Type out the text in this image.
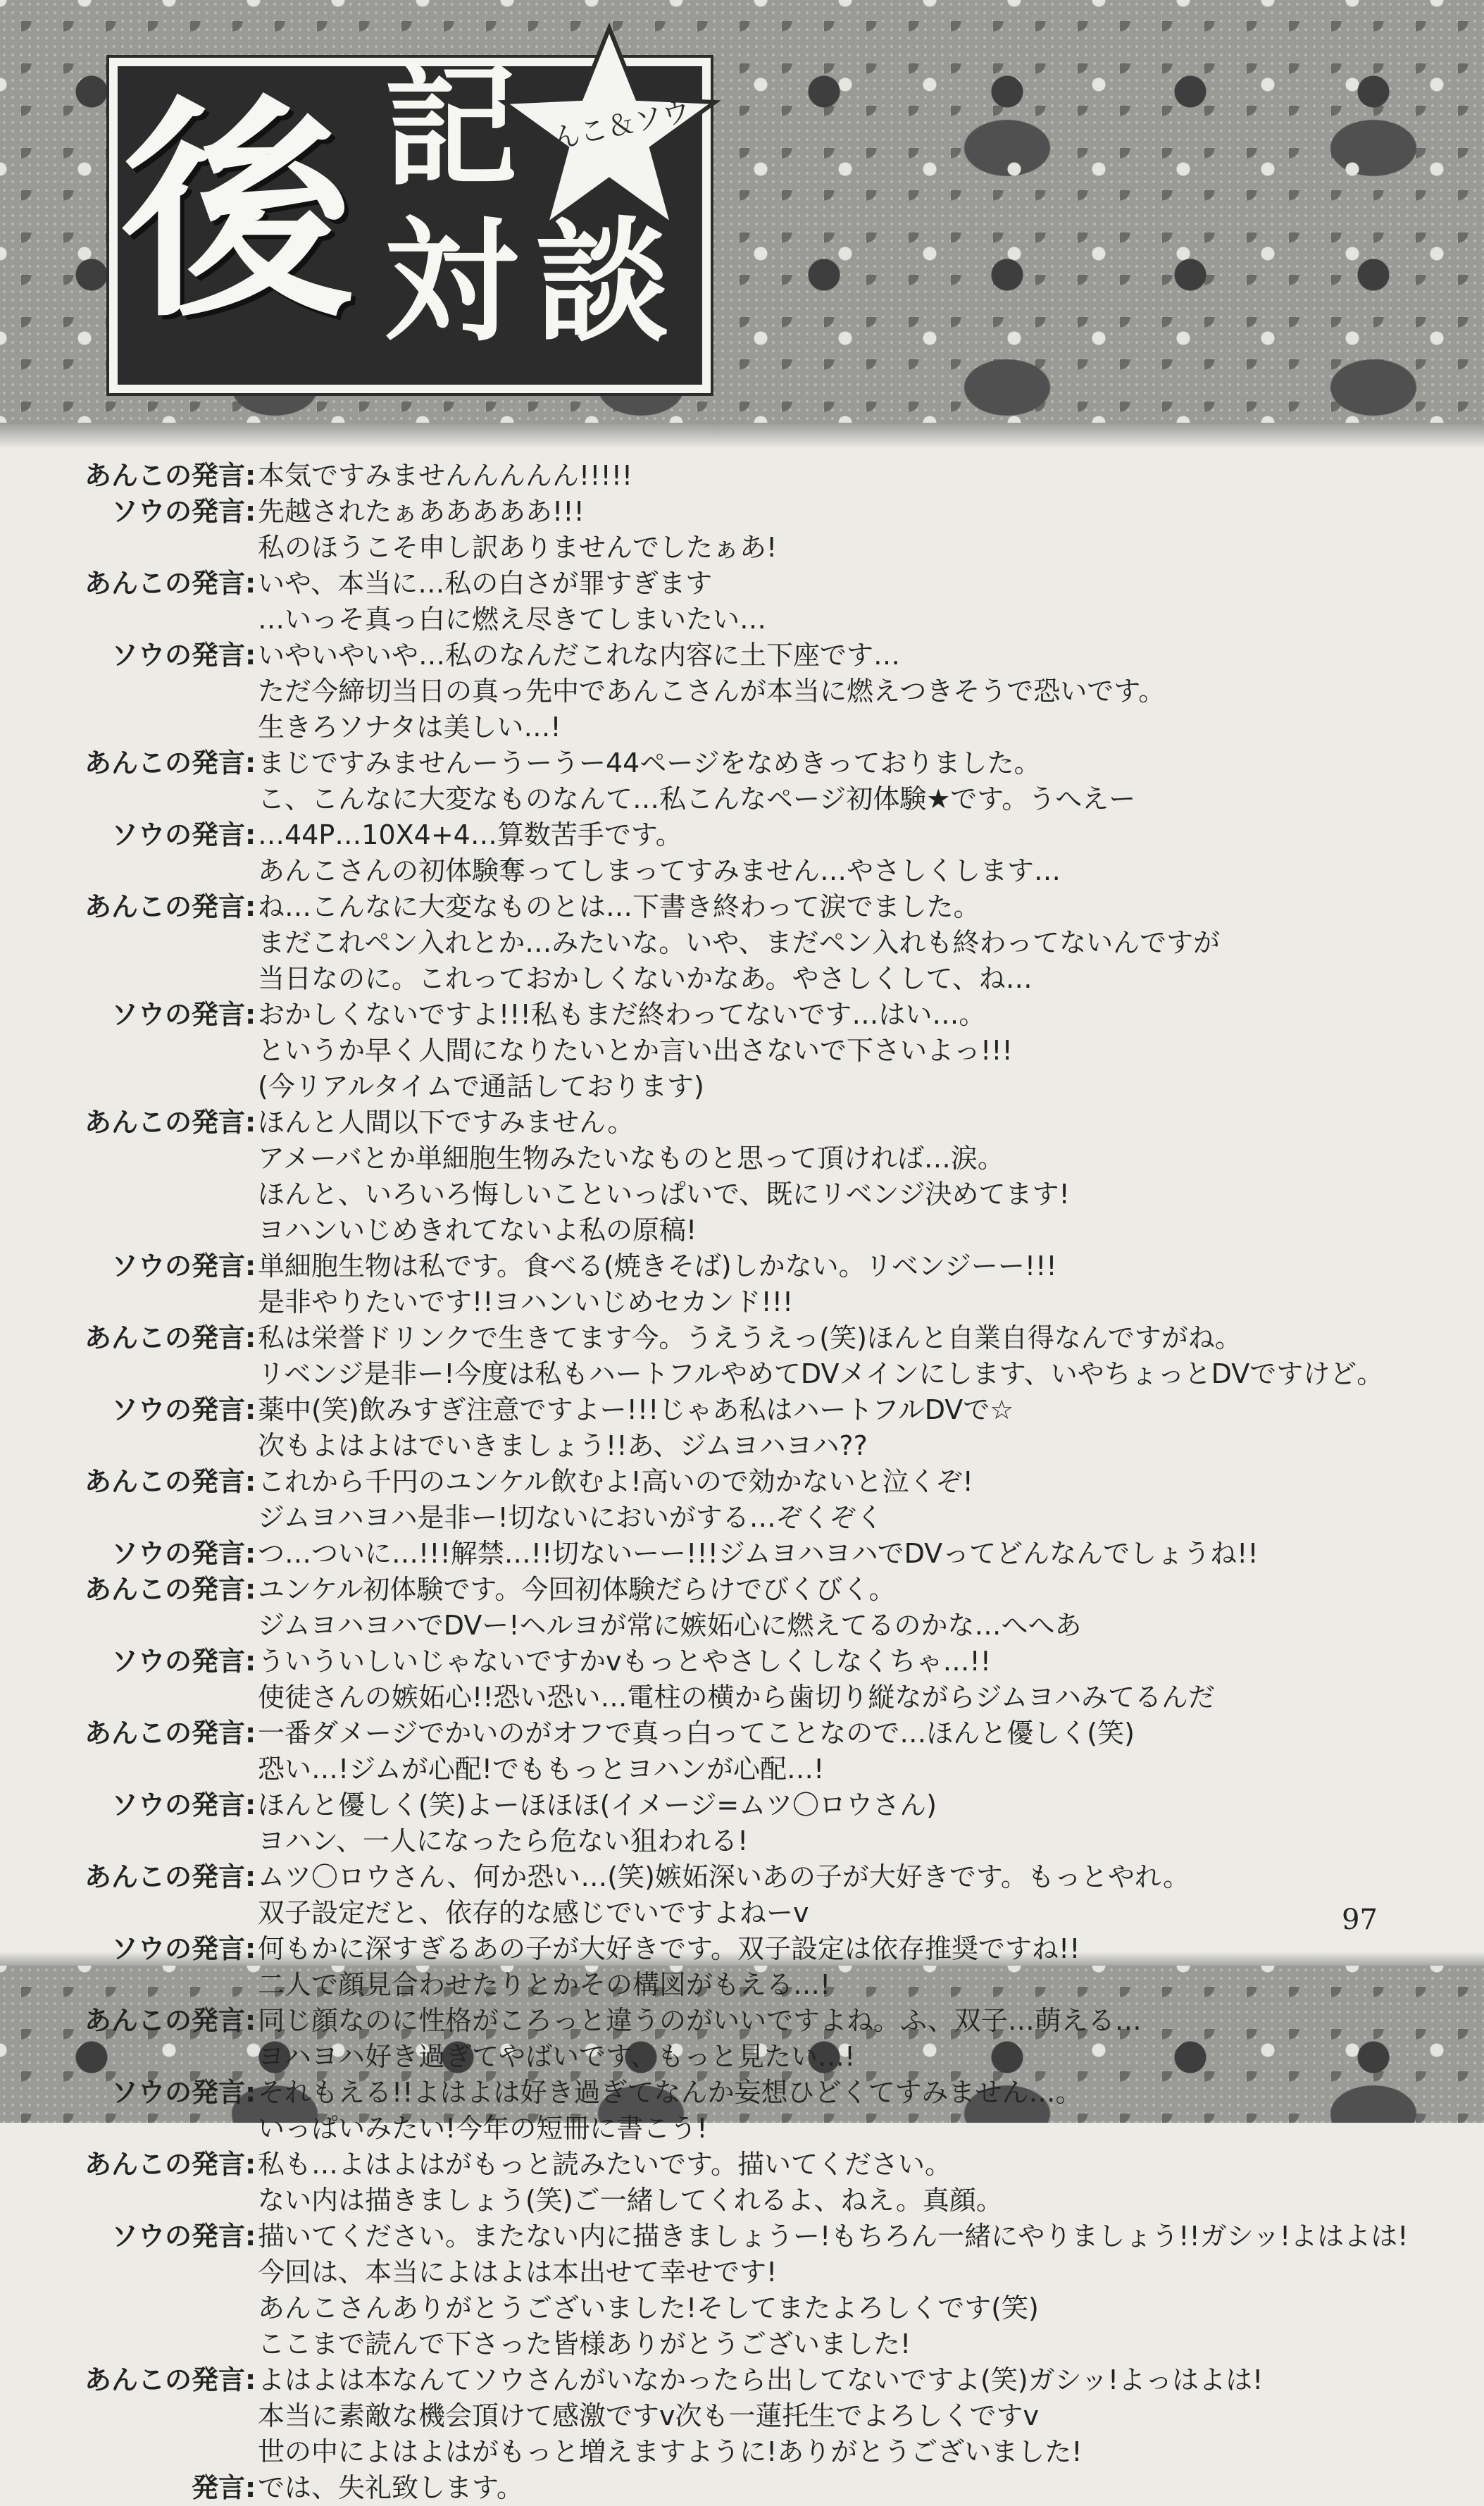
後 記
対 談
あんこ＆ソウ
あんこの発言 : 本気ですみませんんんんん!!!!!
ソウの発言 : 先越されたぁあああああ!!!
私のほうこそ申し訳ありませんでしたぁあ!
あんこの発言 : いや、本当に…私の白さが罪すぎます
…いっそ真っ白に燃え尽きてしまいたい…
ソウの発言 : いやいやいや…私のなんだこれな内容に土下座です…
ただ今締切当日の真っ先中であんこさんが本当に燃えつきそうで恐いです。
生きろソナタは美しい…!
あんこの発言 : まじですみませんーうーうー44ページをなめきっておりました。
こ、こんなに大変なものなんて…私こんなページ初体験★です。うへえー
ソウの発言 : …44P…10X4+4…算数苦手です。
あんこさんの初体験奪ってしまってすみません…やさしくします…
あんこの発言 : ね…こんなに大変なものとは…下書き終わって涙でました。
まだこれペン入れとか…みたいな。いや、まだペン入れも終わってないんですが
当日なのに。これっておかしくないかなあ。やさしくして、ね…
ソウの発言 : おかしくないですよ!!!私もまだ終わってないです…はい…。
というか早く人間になりたいとか言い出さないで下さいよっ!!!
(今リアルタイムで通話しております)
あんこの発言 : ほんと人間以下ですみません。
アメーバとか単細胞生物みたいなものと思って頂ければ…涙。
ほんと、いろいろ悔しいこといっぱいで、既にリベンジ決めてます!
ヨハンいじめきれてないよ私の原稿!
ソウの発言 : 単細胞生物は私です。食べる(焼きそば)しかない。リベンジーー!!!
是非やりたいです!!ヨハンいじめセカンド!!!
あんこの発言 : 私は栄誉ドリンクで生きてます今。うえうえっ(笑)ほんと自業自得なんですがね。
リベンジ是非ー!今度は私もハートフルやめてDVメインにします、いやちょっとDVですけど。
ソウの発言 : 薬中(笑)飲みすぎ注意ですよー!!!じゃあ私はハートフルDVで☆
次もよはよはでいきましょう!!あ、ジムヨハヨハ??
あんこの発言 : これから千円のユンケル飲むよ!高いので効かないと泣くぞ!
ジムヨハヨハ是非ー!切ないにおいがする…ぞくぞく
ソウの発言 : つ…ついに…!!!解禁…!!切ないーー!!!ジムヨハヨハでDVってどんなんでしょうね!!
あんこの発言 : ユンケル初体験です。今回初体験だらけでびくびく。
ジムヨハヨハでDVー!ヘルヨが常に嫉妬心に燃えてるのかな…へへあ
ソウの発言 : ういういしいじゃないですかvもっとやさしくしなくちゃ…!!
使徒さんの嫉妬心!!恐い恐い…電柱の横から歯切り縦ながらジムヨハみてるんだ
あんこの発言 : 一番ダメージでかいのがオフで真っ白ってことなので…ほんと優しく(笑)
恐い…!ジムが心配!でももっとヨハンが心配…!
ソウの発言 : ほんと優しく(笑)よーほほほ(イメージ=ムツ〇ロウさん)
ヨハン、一人になったら危ない狙われる!
あんこの発言 : ムツ〇ロウさん、何か恐い…(笑)嫉妬深いあの子が大好きです。もっとやれ。
双子設定だと、依存的な感じでいですよねーv
ソウの発言 : 何もかに深すぎるあの子が大好きです。双子設定は依存推奨ですね!!
二人で顔見合わせたりとかその構図がもえる…!
あんこの発言 : 同じ顔なのに性格がころっと違うのがいいですよね。ふ、双子…萌える…
ヨハヨハ好き過ぎてやばいです、もっと見たい…!
ソウの発言 : それもえる!!よはよは好き過ぎてなんか妄想ひどくてすみません…。
いっぱいみたい!今年の短冊に書こう!
あんこの発言 : 私も…よはよはがもっと読みたいです。描いてください。
ない内は描きましょう(笑)ご一緒してくれるよ、ねえ。真顔。
ソウの発言 : 描いてください。またない内に描きましょうー!もちろん一緒にやりましょう!!ガシッ!よはよは!
今回は、本当によはよは本出せて幸せです!
あんこさんありがとうございました!そしてまたよろしくです(笑)
ここまで読んで下さった皆様ありがとうございました!
あんこの発言 : よはよは本なんてソウさんがいなかったら出してないですよ(笑)ガシッ!よっはよは!
本当に素敵な機会頂けて感激ですv次も一蓮托生でよろしくですv
世の中によはよはがもっと増えますように!ありがとうございました!
発言 : では、失礼致します。
97
